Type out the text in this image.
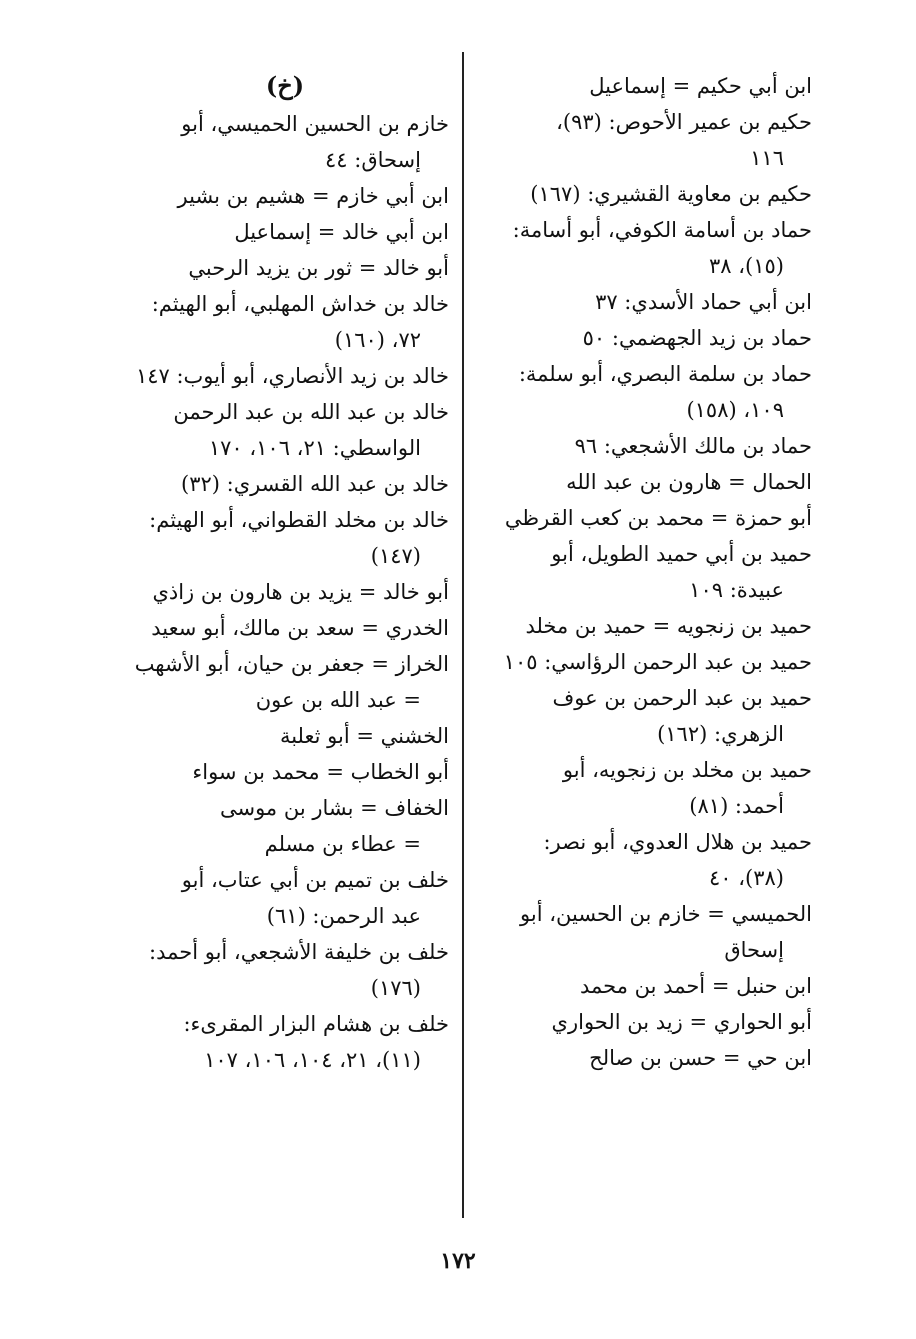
ابن أبي حكيم = إسماعيل
حكيم بن عمير الأحوص: (٩٣)،
١١٦
حكيم بن معاوية القشيري: (١٦٧)
حماد بن أسامة الكوفي، أبو أسامة:
(١٥)، ٣٨
ابن أبي حماد الأسدي: ٣٧
حماد بن زيد الجهضمي: ٥٠
حماد بن سلمة البصري، أبو سلمة:
١٠٩، (١٥٨)
حماد بن مالك الأشجعي: ٩٦
الحمال = هارون بن عبد الله
أبو حمزة = محمد بن كعب القرظي
حميد بن أبي حميد الطويل، أبو
عبيدة: ١٠٩
حميد بن زنجويه = حميد بن مخلد
حميد بن عبد الرحمن الرؤاسي: ١٠٥
حميد بن عبد الرحمن بن عوف
الزهري: (١٦٢)
حميد بن مخلد بن زنجويه، أبو
أحمد: (٨١)
حميد بن هلال العدوي، أبو نصر:
(٣٨)، ٤٠
الحميسي = خازم بن الحسين، أبو
إسحاق
ابن حنبل = أحمد بن محمد
أبو الحواري = زيد بن الحواري
ابن حي = حسن بن صالح
(خ)
خازم بن الحسين الحميسي، أبو
إسحاق: ٤٤
ابن أبي خازم = هشيم بن بشير
ابن أبي خالد = إسماعيل
أبو خالد = ثور بن يزيد الرحبي
خالد بن خداش المهلبي، أبو الهيثم:
٧٢، (١٦٠)
خالد بن زيد الأنصاري، أبو أيوب: ١٤٧
خالد بن عبد الله بن عبد الرحمن
الواسطي: ٢١، ١٠٦، ١٧٠
خالد بن عبد الله القسري: (٣٢)
خالد بن مخلد القطواني، أبو الهيثم:
(١٤٧)
أبو خالد = يزيد بن هارون بن زاذي
الخدري = سعد بن مالك، أبو سعيد
الخراز = جعفر بن حيان، أبو الأشهب
= عبد الله بن عون
الخشني = أبو ثعلبة
أبو الخطاب = محمد بن سواء
الخفاف = بشار بن موسى
= عطاء بن مسلم
خلف بن تميم بن أبي عتاب، أبو
عبد الرحمن: (٦١)
خلف بن خليفة الأشجعي، أبو أحمد:
(١٧٦)
خلف بن هشام البزار المقرىء:
(١١)، ٢١، ١٠٤، ١٠٦، ١٠٧
١٧٢
